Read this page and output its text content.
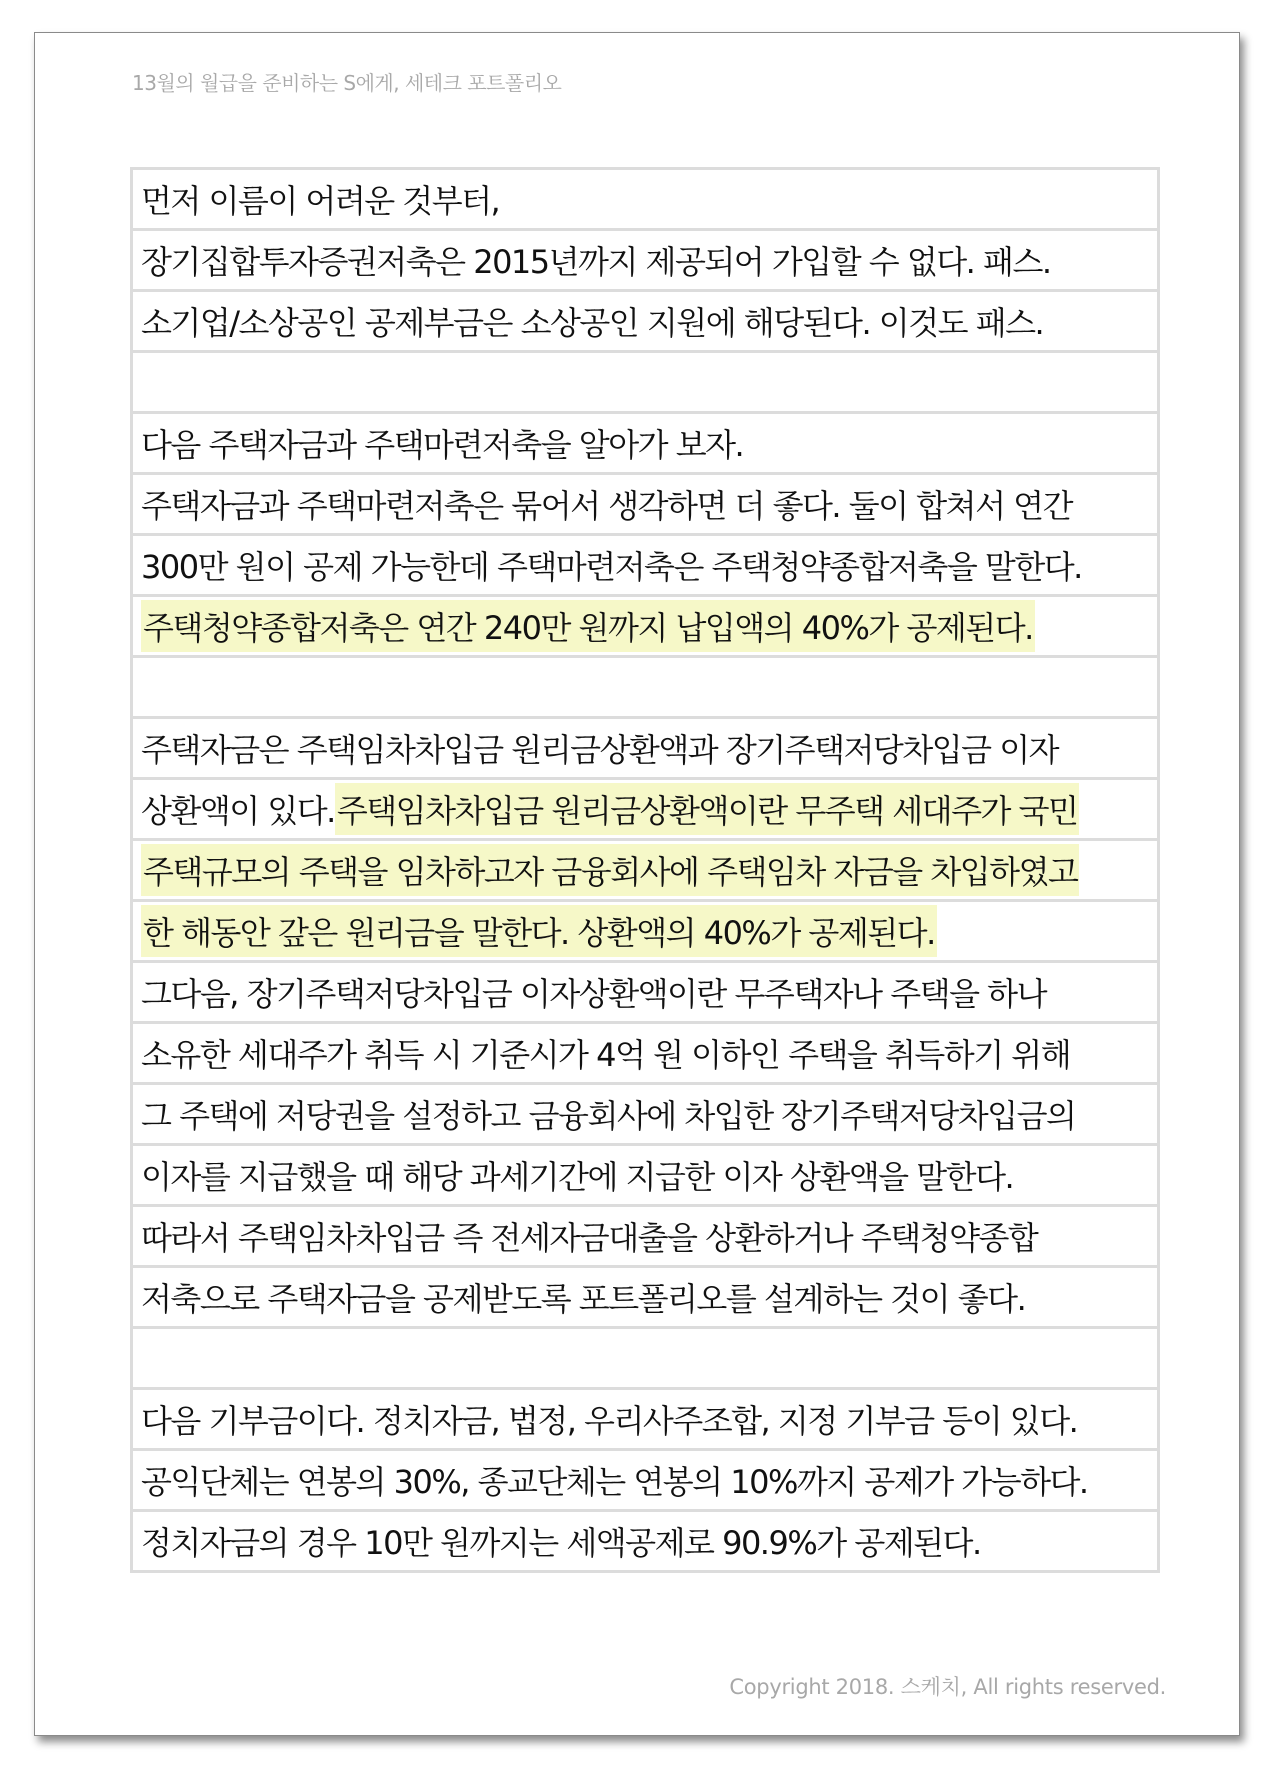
13월의 월급을 준비하는 S에게, 세테크 포트폴리오
먼저 이름이 어려운 것부터,
장기집합투자증권저축은 2015년까지 제공되어 가입할 수 없다. 패스.
소기업/소상공인 공제부금은 소상공인 지원에 해당된다. 이것도 패스.
다음 주택자금과 주택마련저축을 알아가 보자.
주택자금과 주택마련저축은 묶어서 생각하면 더 좋다. 둘이 합쳐서 연간
300만 원이 공제 가능한데 주택마련저축은 주택청약종합저축을 말한다.
주택청약종합저축은 연간 240만 원까지 납입액의 40%가 공제된다.
주택자금은 주택임차차입금 원리금상환액과 장기주택저당차입금 이자
상환액이 있다. 주택임차차입금 원리금상환액이란 무주택 세대주가 국민
주택규모의 주택을 임차하고자 금융회사에 주택임차 자금을 차입하였고
한 해동안 갚은 원리금을 말한다. 상환액의 40%가 공제된다.
그다음, 장기주택저당차입금 이자상환액이란 무주택자나 주택을 하나
소유한 세대주가 취득 시 기준시가 4억 원 이하인 주택을 취득하기 위해
그 주택에 저당권을 설정하고 금융회사에 차입한 장기주택저당차입금의
이자를 지급했을 때 해당 과세기간에 지급한 이자 상환액을 말한다.
따라서 주택임차차입금 즉 전세자금대출을 상환하거나 주택청약종합
저축으로 주택자금을 공제받도록 포트폴리오를 설계하는 것이 좋다.
다음 기부금이다. 정치자금, 법정, 우리사주조합, 지정 기부금 등이 있다.
공익단체는 연봉의 30%, 종교단체는 연봉의 10%까지 공제가 가능하다.
정치자금의 경우 10만 원까지는 세액공제로 90.9%가 공제된다.
Copyright 2018. 스케치, All rights reserved.
